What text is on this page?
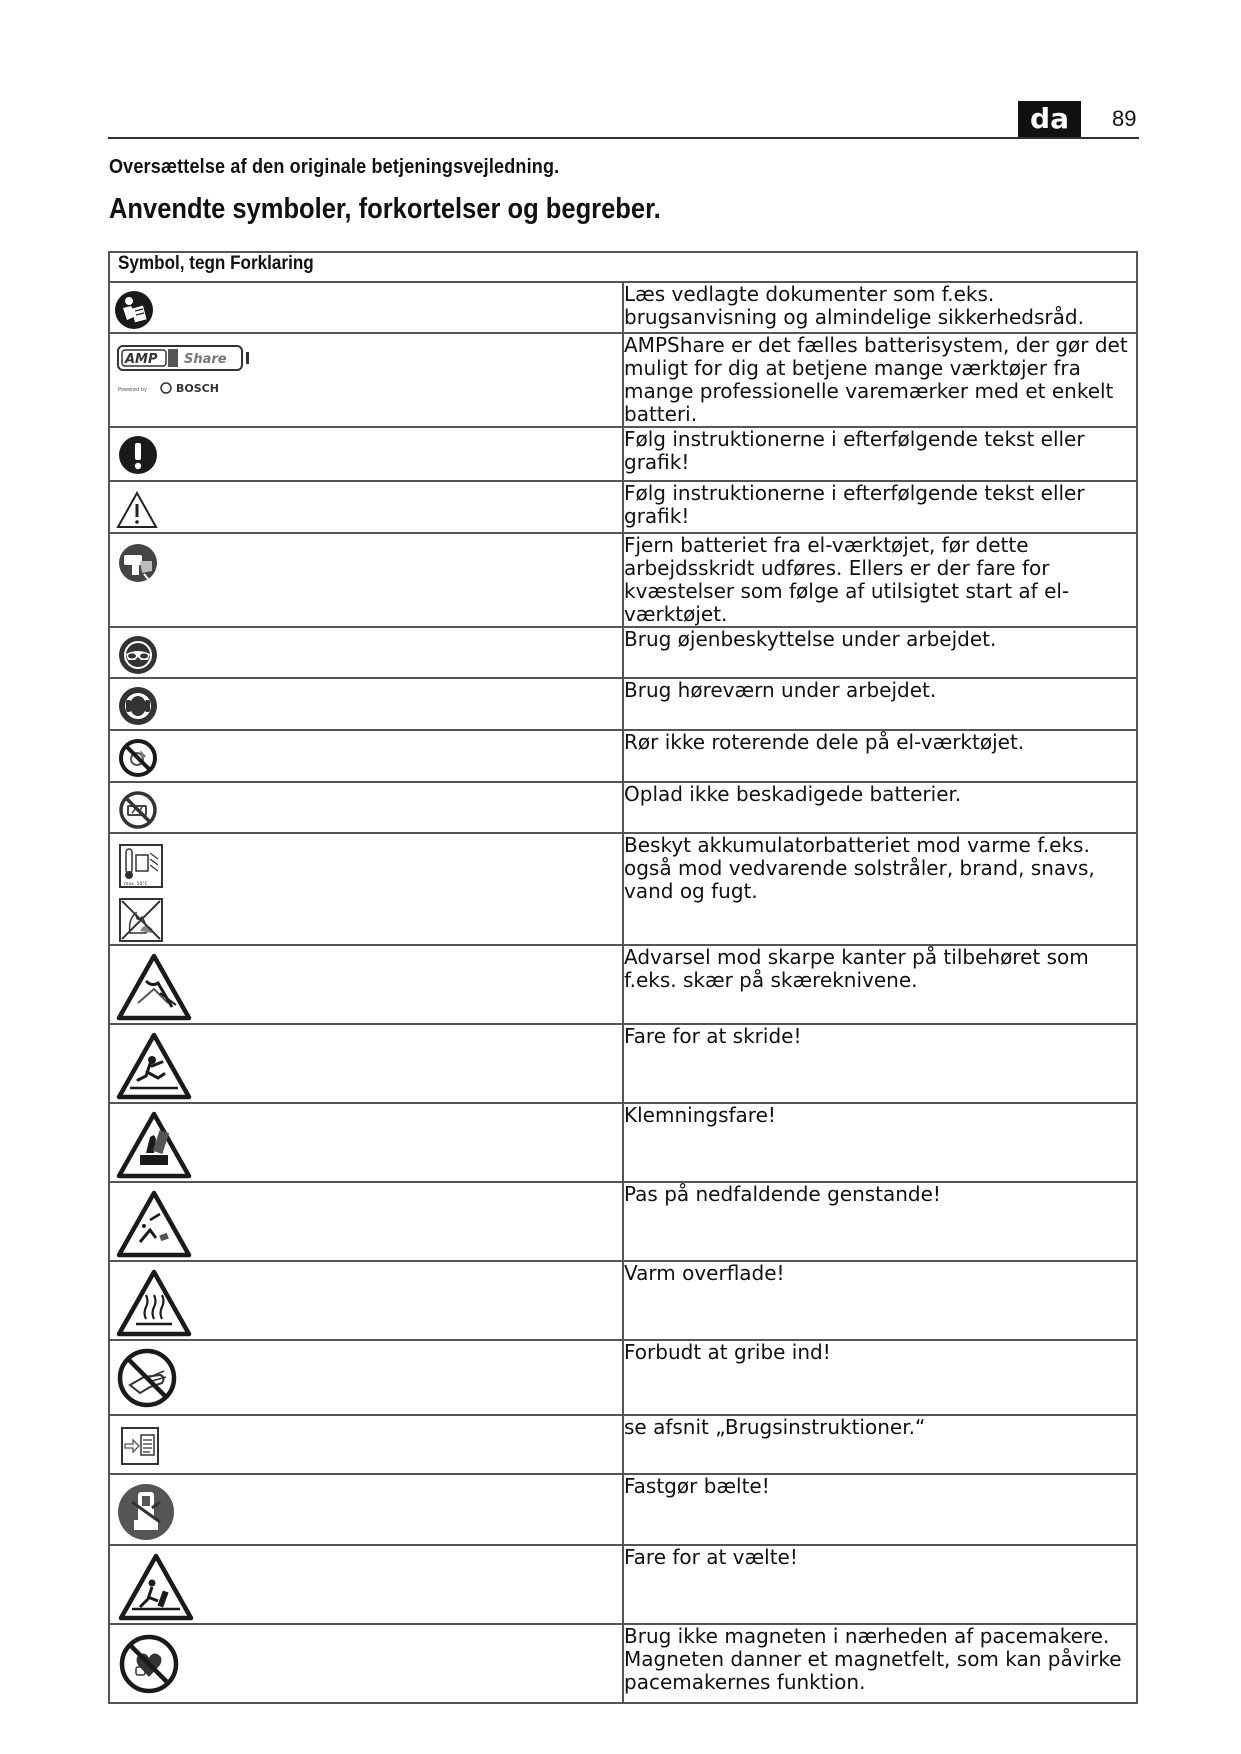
da	89
Oversættelse af den originale betjeningsvejledning.
Anvendte symboler, forkortelser og begreber.
Symbol, tegn Forklaring	

	Læs vedlagte dokumenter som f.eks. brugsanvisning og almindelige sikkerhedsråd.

AMP Share
Powered by BOSCH	AMPShare er det fælles batterisystem, der gør det muligt for dig at betjene mange værktøjer fra mange professionelle varemærker med et enkelt batteri.

	Følg instruktionerne i efterfølgende tekst eller grafik!

	Følg instruktionerne i efterfølgende tekst eller grafik!

	Fjern batteriet fra el-værktøjet, før dette arbejdsskridt udføres. Ellers er der fare for kvæstelser som følge af utilsigtet start af el-værktøjet.

	Brug øjenbeskyttelse under arbejdet.

	Brug høreværn under arbejdet.

	Rør ikke roterende dele på el-værktøjet.

	Oplad ikke beskadigede batterier.

max. 50°C	Beskyt akkumulatorbatteriet mod varme f.eks. også mod vedvarende solstråler, brand, snavs, vand og fugt.

	Advarsel mod skarpe kanter på tilbehøret som f.eks. skær på skæreknivene.

	Fare for at skride!

	Klemningsfare!

	Pas på nedfaldende genstande!

	Varm overflade!

	Forbudt at gribe ind!

	se afsnit „Brugsinstruktioner.“

	Fastgør bælte!

	Fare for at vælte!

	Brug ikke magneten i nærheden af pacemakere. Magneten danner et magnetfelt, som kan påvirke pacemakernes funktion.
